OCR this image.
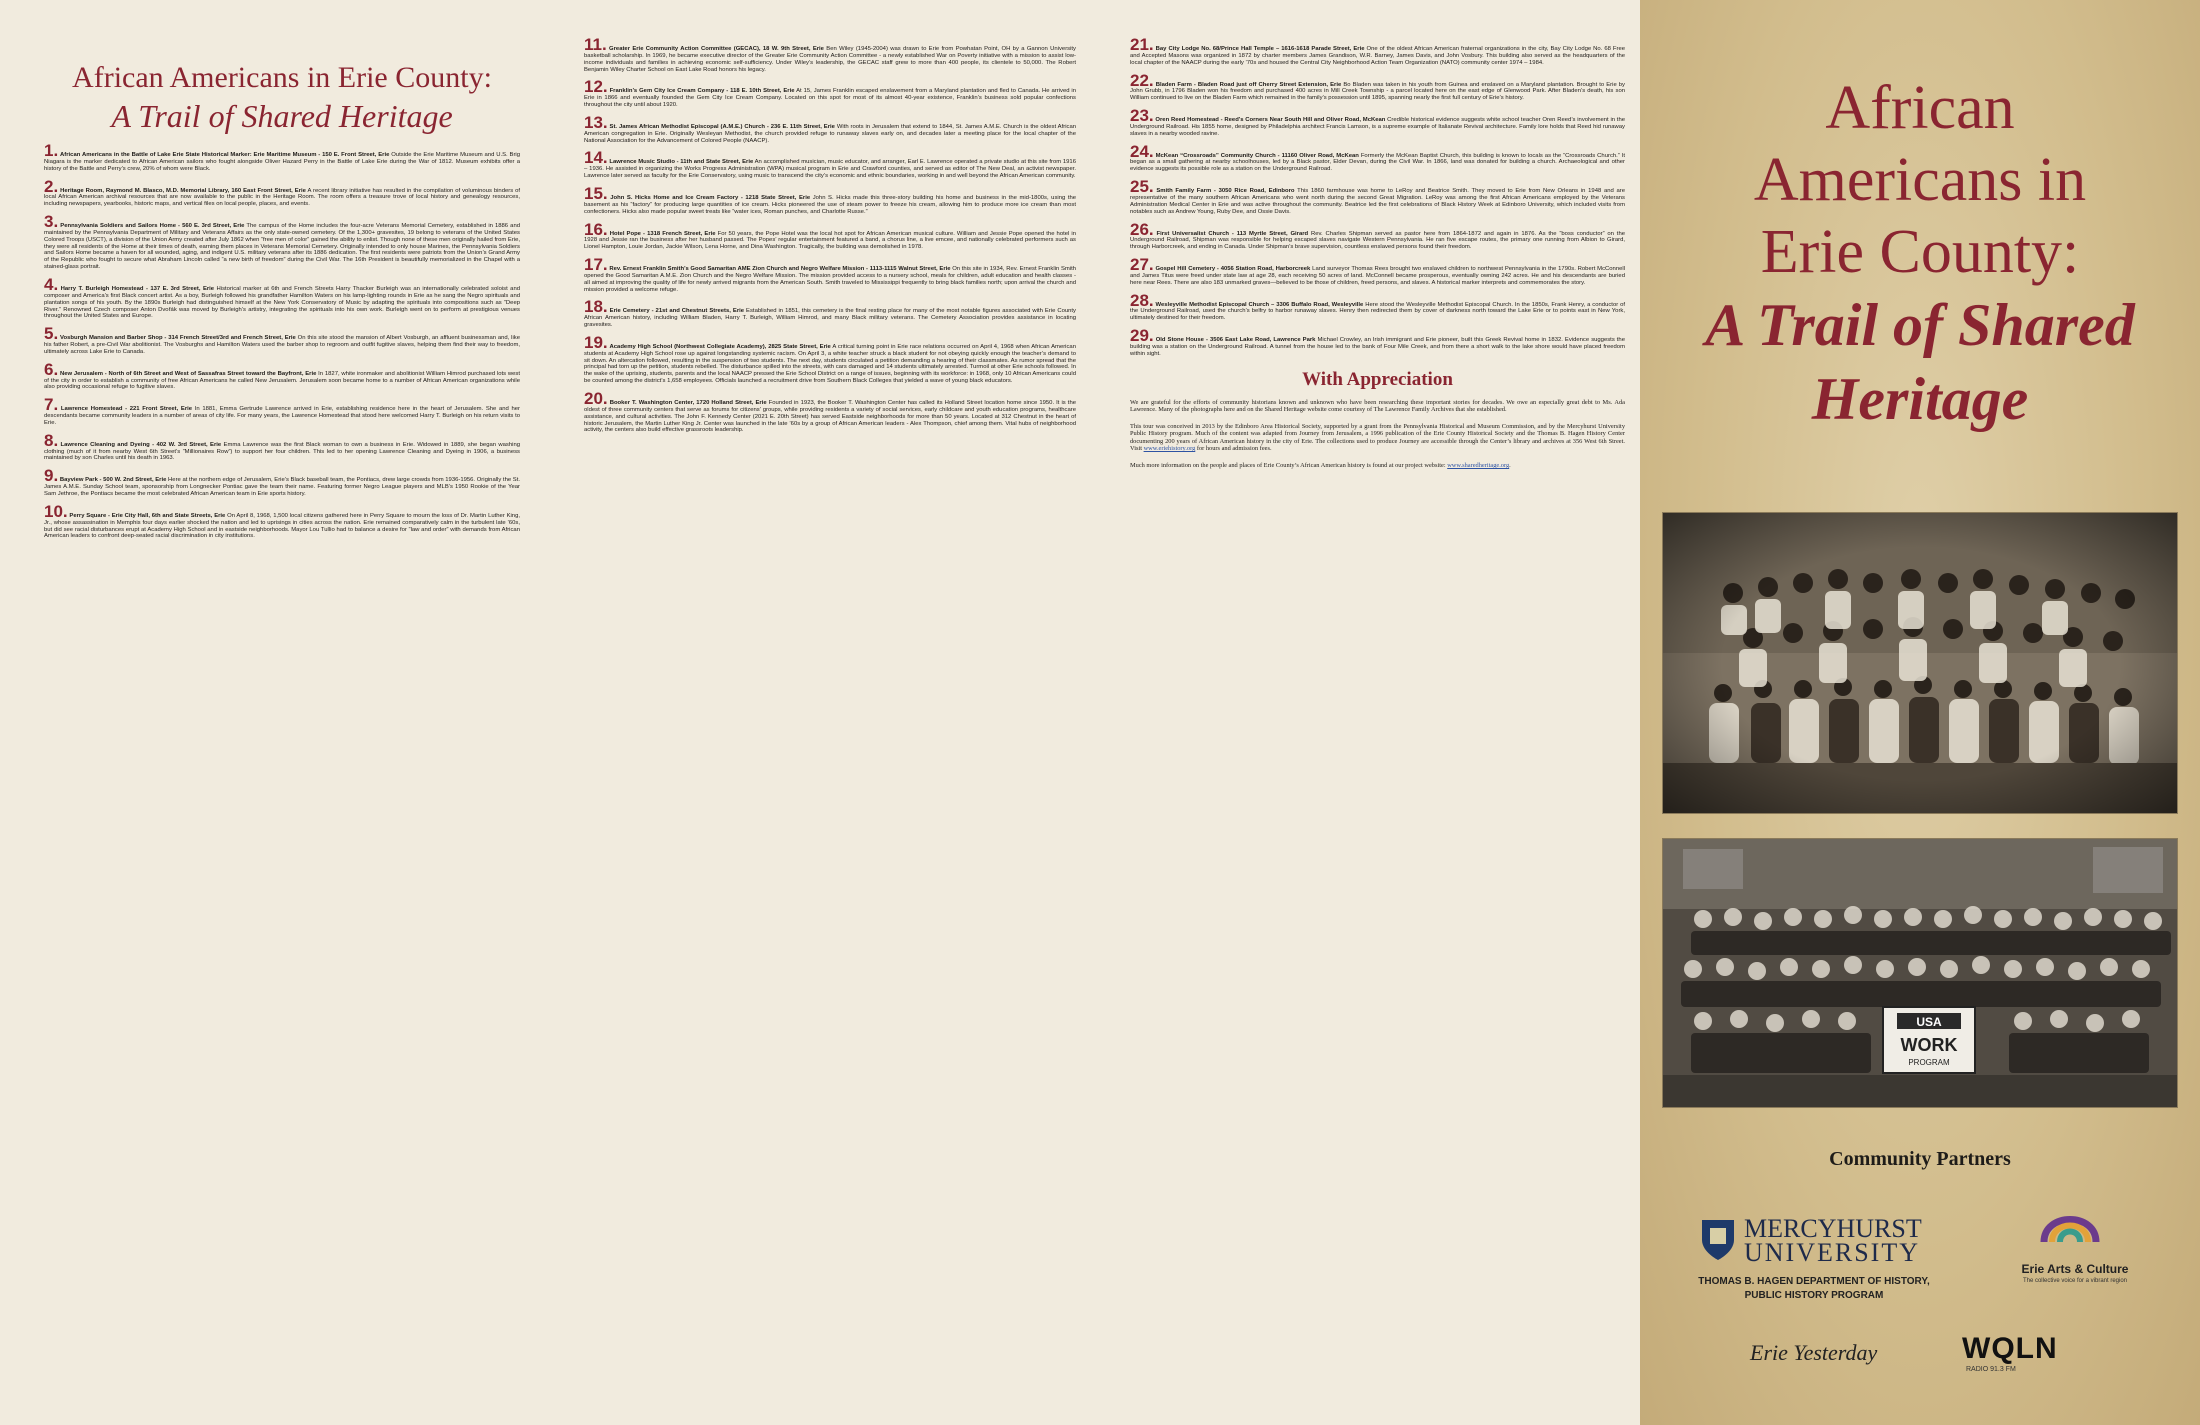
African Americans in Erie County:
A Trail of Shared Heritage

1. African Americans in the Battle of Lake Erie State Historical Marker: Erie Maritime Museum - 150 E. Front Street, Erie Outside the Erie Maritime Museum and U.S. Brig Niagara is the marker dedicated to African American sailors who fought alongside Oliver Hazard Perry in the Battle of Lake Erie during the War of 1812. Museum exhibits offer a history of the Battle and Perry’s crew, 20% of whom were Black.

2. Heritage Room, Raymond M. Blasco, M.D. Memorial Library, 160 East Front Street, Erie A recent library initiative has resulted in the compilation of voluminous binders of local African American archival resources that are now available to the public in the Heritage Room. The room offers a treasure trove of local history and genealogy resources, including newspapers, yearbooks, historic maps, and vertical files on local people, places, and events.

3. Pennsylvania Soldiers and Sailors Home - 560 E. 3rd Street, Erie The campus of the Home includes the four-acre Veterans Memorial Cemetery, established in 1886 and maintained by the Pennsylvania Department of Military and Veterans Affairs as the only state-owned cemetery. Of the 1,300+ gravesites, 19 belong to veterans of the United States Colored Troops (USCT), a division of the Union Army created after July 1862 when “free men of color” gained the ability to enlist. Though none of these men originally hailed from Erie, they were all residents of the Home at their times of death, earning them places in Veterans Memorial Cemetery. Originally intended to only house Marines, the Pennsylvania Soldiers and Sailors Home became a haven for all wounded, aging, and indigent U.S. military veterans after its 1886 dedication. The first residents were patriots from the Union’s Grand Army of the Republic who fought to secure what Abraham Lincoln called “a new birth of freedom” during the Civil War. The 16th President is beautifully memorialized in the Chapel with a stained-glass portrait.

4. Harry T. Burleigh Homestead - 137 E. 3rd Street, Erie Historical marker at 6th and French Streets Harry Thacker Burleigh was an internationally celebrated soloist and composer and America’s first Black concert artist. As a boy, Burleigh followed his grandfather Hamilton Waters on his lamp-lighting rounds in Erie as he sang the Negro spirituals and plantation songs of his youth. By the 1890s Burleigh had distinguished himself at the New York Conservatory of Music by adapting the spirituals into compositions such as “Deep River.” Renowned Czech composer Anton Dvořák was moved by Burleigh’s artistry, integrating the spirituals into his own work. Burleigh went on to perform at prestigious venues throughout the United States and Europe.

5. Vosburgh Mansion and Barber Shop - 314 French Street/3rd and French Street, Erie On this site stood the mansion of Albert Vosburgh, an affluent businessman and, like his father Robert, a pre-Civil War abolitionist. The Vosburghs and Hamilton Waters used the barber shop to regroom and outfit fugitive slaves, helping them find their way to freedom, ultimately across Lake Erie to Canada.

6. New Jerusalem - North of 6th Street and West of Sassafras Street toward the Bayfront, Erie In 1827, white ironmaker and abolitionist William Himrod purchased lots west of the city in order to establish a community of free African Americans he called New Jerusalem. Jerusalem soon became home to a number of African American organizations while also providing occasional refuge to fugitive slaves.

7. Lawrence Homestead - 221 Front Street, Erie In 1881, Emma Gertrude Lawrence arrived in Erie, establishing residence here in the heart of Jerusalem. She and her descendants became community leaders in a number of areas of city life. For many years, the Lawrence Homestead that stood here welcomed Harry T. Burleigh on his return visits to Erie.

8. Lawrence Cleaning and Dyeing - 402 W. 3rd Street, Erie Emma Lawrence was the first Black woman to own a business in Erie. Widowed in 1889, she began washing clothing (much of it from nearby West 6th Street’s “Millionaires Row”) to support her four children. This led to her opening Lawrence Cleaning and Dyeing in 1906, a business maintained by son Charles until his death in 1963.

9. Bayview Park - 500 W. 2nd Street, Erie Here at the northern edge of Jerusalem, Erie’s Black baseball team, the Pontiacs, drew large crowds from 1936-1956. Originally the St. James A.M.E. Sunday School team, sponsorship from Longnecker Pontiac gave the team their name. Featuring former Negro League players and MLB’s 1950 Rookie of the Year Sam Jethroe, the Pontiacs became the most celebrated African American team in Erie sports history.

10. Perry Square - Erie City Hall, 6th and State Streets, Erie On April 8, 1968, 1,500 local citizens gathered here in Perry Square to mourn the loss of Dr. Martin Luther King, Jr., whose assassination in Memphis four days earlier shocked the nation and led to uprisings in cities across the nation. Erie remained comparatively calm in the turbulent late ’60s, but did see racial disturbances erupt at Academy High School and in eastside neighborhoods. Mayor Lou Tullio had to balance a desire for “law and order” with demands from African American leaders to confront deep-seated racial discrimination in city institutions.

11. Greater Erie Community Action Committee (GECAC), 18 W. 9th Street, Erie Ben Wiley (1945-2004) was drawn to Erie from Powhatan Point, OH by a Gannon University basketball scholarship. In 1969, he became executive director of the Greater Erie Community Action Committee - a newly established War on Poverty initiative with a mission to assist low-income individuals and families in achieving economic self-sufficiency. Under Wiley’s leadership, the GECAC staff grew to more than 400 people, its clientele to 50,000. The Robert Benjamin Wiley Charter School on East Lake Road honors his legacy.

12. Franklin’s Gem City Ice Cream Company - 118 E. 10th Street, Erie At 15, James Franklin escaped enslavement from a Maryland plantation and fled to Canada. He arrived in Erie in 1866 and eventually founded the Gem City Ice Cream Company. Located on this spot for most of its almost 40-year existence, Franklin’s business sold popular confections throughout the city until about 1920.

13. St. James African Methodist Episcopal (A.M.E.) Church - 236 E. 11th Street, Erie With roots in Jerusalem that extend to 1844, St. James A.M.E. Church is the oldest African American congregation in Erie. Originally Wesleyan Methodist, the church provided refuge to runaway slaves early on, and decades later a meeting place for the local chapter of the National Association for the Advancement of Colored People (NAACP).

14. Lawrence Music Studio - 11th and State Street, Erie An accomplished musician, music educator, and arranger, Earl E. Lawrence operated a private studio at this site from 1916 – 1936. He assisted in organizing the Works Progress Administration (WPA) musical program in Erie and Crawford counties, and served as editor of The New Deal, an activist newspaper. Lawrence later served as faculty for the Erie Conservatory, using music to transcend the city’s economic and ethnic boundaries, working in and well beyond the African American community.

15. John S. Hicks Home and Ice Cream Factory - 1218 State Street, Erie John S. Hicks made this three-story building his home and business in the mid-1800s, using the basement as his “factory” for producing large quantities of ice cream. Hicks pioneered the use of steam power to freeze his cream, allowing him to produce more ice cream than most confectioners. Hicks also made popular sweet treats like “water ices, Roman punches, and Charlotte Russe.”

16. Hotel Pope - 1318 French Street, Erie For 50 years, the Pope Hotel was the local hot spot for African American musical culture. William and Jessie Pope opened the hotel in 1928 and Jessie ran the business after her husband passed. The Popes’ regular entertainment featured a band, a chorus line, a live emcee, and nationally celebrated performers such as Lionel Hampton, Louie Jordan, Jackie Wilson, Lena Horne, and Dina Washington. Tragically, the building was demolished in 1978.

17. Rev. Ernest Franklin Smith’s Good Samaritan AME Zion Church and Negro Welfare Mission - 1113-1115 Walnut Street, Erie On this site in 1934, Rev. Ernest Franklin Smith opened the Good Samaritan A.M.E. Zion Church and the Negro Welfare Mission. The mission provided access to a nursery school, meals for children, adult education and health classes - all aimed at improving the quality of life for newly arrived migrants from the American South. Smith traveled to Mississippi frequently to bring black families north; upon arrival the church and mission provided a welcome refuge.

18. Erie Cemetery - 21st and Chestnut Streets, Erie Established in 1851, this cemetery is the final resting place for many of the most notable figures associated with Erie County African American history, including William Bladen, Harry T. Burleigh, William Himrod, and many Black military veterans. The Cemetery Association provides assistance in locating gravesites.

19. Academy High School (Northwest Collegiate Academy), 2825 State Street, Erie A critical turning point in Erie race relations occurred on April 4, 1968 when African American students at Academy High School rose up against longstanding systemic racism. On April 3, a white teacher struck a black student for not obeying quickly enough the teacher’s demand to sit down. An altercation followed, resulting in the suspension of two students. The next day, students circulated a petition demanding a hearing of their classmates. As rumor spread that the principal had torn up the petition, students rebelled. The disturbance spilled into the streets, with cars damaged and 14 students ultimately arrested. Turmoil at other Erie schools followed. In the wake of the uprising, students, parents and the local NAACP pressed the Erie School District on a range of issues, beginning with its workforce: in 1968, only 10 African Americans could be counted among the district’s 1,658 employees. Officials launched a recruitment drive from Southern Black Colleges that yielded a wave of young black educators.

20. Booker T. Washington Center, 1720 Holland Street, Erie Founded in 1923, the Booker T. Washington Center has called its Holland Street location home since 1950. It is the oldest of three community centers that serve as forums for citizens’ groups, while providing residents a variety of social services, early childcare and youth education programs, healthcare assistance, and cultural activities. The John F. Kennedy Center (2021 E. 20th Street) has served Eastside neighborhoods for more than 50 years. Located at 312 Chestnut in the heart of historic Jerusalem, the Martin Luther King Jr. Center was launched in the late ’60s by a group of African American leaders - Alex Thompson, chief among them. Vital hubs of neighborhood activity, the centers also build effective grassroots leadership.

21. Bay City Lodge No. 68/Prince Hall Temple – 1616-1618 Parade Street, Erie One of the oldest African American fraternal organizations in the city, Bay City Lodge No. 68 Free and Accepted Masons was organized in 1872 by charter members James Grandison, W.R. Barney, James Davis, and John Vosbury. This building also served as the headquarters of the local chapter of the NAACP during the early ’70s and housed the Central City Neighborhood Action Team Organization (NATO) community center 1974 – 1984.

22. Bladen Farm - Bladen Road just off Cherry Street Extension, Erie Bo Bladen was taken in his youth from Guinea and enslaved on a Maryland plantation. Brought to Erie by John Grubb, in 1796 Bladen won his freedom and purchased 400 acres in Mill Creek Township - a parcel located here on the east edge of Glenwood Park. After Bladen’s death, his son William continued to live on the Bladen Farm which remained in the family’s possession until 1895, spanning nearly the first full century of Erie’s history.

23. Oren Reed Homestead - Reed’s Corners Near South Hill and Oliver Road, McKean Credible historical evidence suggests white school teacher Oren Reed’s involvement in the Underground Railroad. His 1855 home, designed by Philadelphia architect Francis Lamson, is a supreme example of Italianate Revival architecture. Family lore holds that Reed hid runaway slaves in a nearby wooded ravine.

24. McKean “Crossroads” Community Church - 11160 Oliver Road, McKean Formerly the McKean Baptist Church, this building is known to locals as the “Crossroads Church.” It began as a small gathering at nearby schoolhouses, led by a Black pastor, Elder Devan, during the Civil War. In 1866, land was donated for building a church. Archaeological and other evidence suggests its possible role as a station on the Underground Railroad.

25. Smith Family Farm - 3050 Rice Road, Edinboro This 1860 farmhouse was home to LeRoy and Beatrice Smith. They moved to Erie from New Orleans in 1948 and are representative of the many southern African Americans who went north during the second Great Migration. LeRoy was among the first African Americans employed by the Veterans Administration Medical Center in Erie and was active throughout the community. Beatrice led the first celebrations of Black History Week at Edinboro University, which included visits from notables such as Andrew Young, Ruby Dee, and Ossie Davis.

26. First Universalist Church - 113 Myrtle Street, Girard Rev. Charles Shipman served as pastor here from 1864-1872 and again in 1876. As the “boss conductor” on the Underground Railroad, Shipman was responsible for helping escaped slaves navigate Western Pennsylvania. He ran five escape routes, the primary one running from Albion to Girard, through Harborcreek, and ending in Canada. Under Shipman’s brave supervision, countless enslaved persons found their freedom.

27. Gospel Hill Cemetery - 4056 Station Road, Harborcreek Land surveyor Thomas Rees brought two enslaved children to northwest Pennsylvania in the 1790s. Robert McConnell and James Titus were freed under state law at age 28, each receiving 50 acres of land. McConnell became prosperous, eventually owning 242 acres. He and his descendants are buried here near Rees. There are also 183 unmarked graves—believed to be those of children, freed persons, and slaves. A historical marker interprets and commemorates the story.

28. Wesleyville Methodist Episcopal Church – 3306 Buffalo Road, Wesleyville Here stood the Wesleyville Methodist Episcopal Church. In the 1850s, Frank Henry, a conductor of the Underground Railroad, used the church’s belfry to harbor runaway slaves. Henry then redirected them by cover of darkness north toward the Lake Erie or to points east in New York, ultimately destined for their freedom.

29. Old Stone House - 3506 East Lake Road, Lawrence Park Michael Crowley, an Irish immigrant and Erie pioneer, built this Greek Revival home in 1832. Evidence suggests the building was a station on the Underground Railroad. A tunnel from the house led to the bank of Four Mile Creek, and from there a short walk to the lake shore would have placed freedom within sight.

With Appreciation

We are grateful for the efforts of community historians known and unknown who have been researching these important stories for decades. We owe an especially great debt to Ms. Ada Lawrence. Many of the photographs here and on the Shared Heritage website come courtesy of The Lawrence Family Archives that she established.

This tour was conceived in 2013 by the Edinboro Area Historical Society, supported by a grant from the Pennsylvania Historical and Museum Commission, and by the Mercyhurst University Public History program. Much of the content was adapted from Journey from Jerusalem, a 1996 publication of the Erie County Historical Society and the Thomas B. Hagen History Center documenting 200 years of African American history in the city of Erie. The collections used to produce Journey are accessible through the Center’s library and archives at 356 West 6th Street. Visit www.eriehistory.org for hours and admission fees.

Much more information on the people and places of Erie County’s African American history is found at our project website: www.sharedheritage.org.

African
Americans in
Erie County:
A Trail of Shared
Heritage
USA
WORK
PROGRAM
Community Partners
MERCYHURST
UNIVERSITY
THOMAS B. HAGEN DEPARTMENT OF HISTORY,
PUBLIC HISTORY PROGRAM
Erie Arts & Culture
The collective voice for a vibrant region
Erie Yesterday	WQLN
RADIO 91.3 FM
